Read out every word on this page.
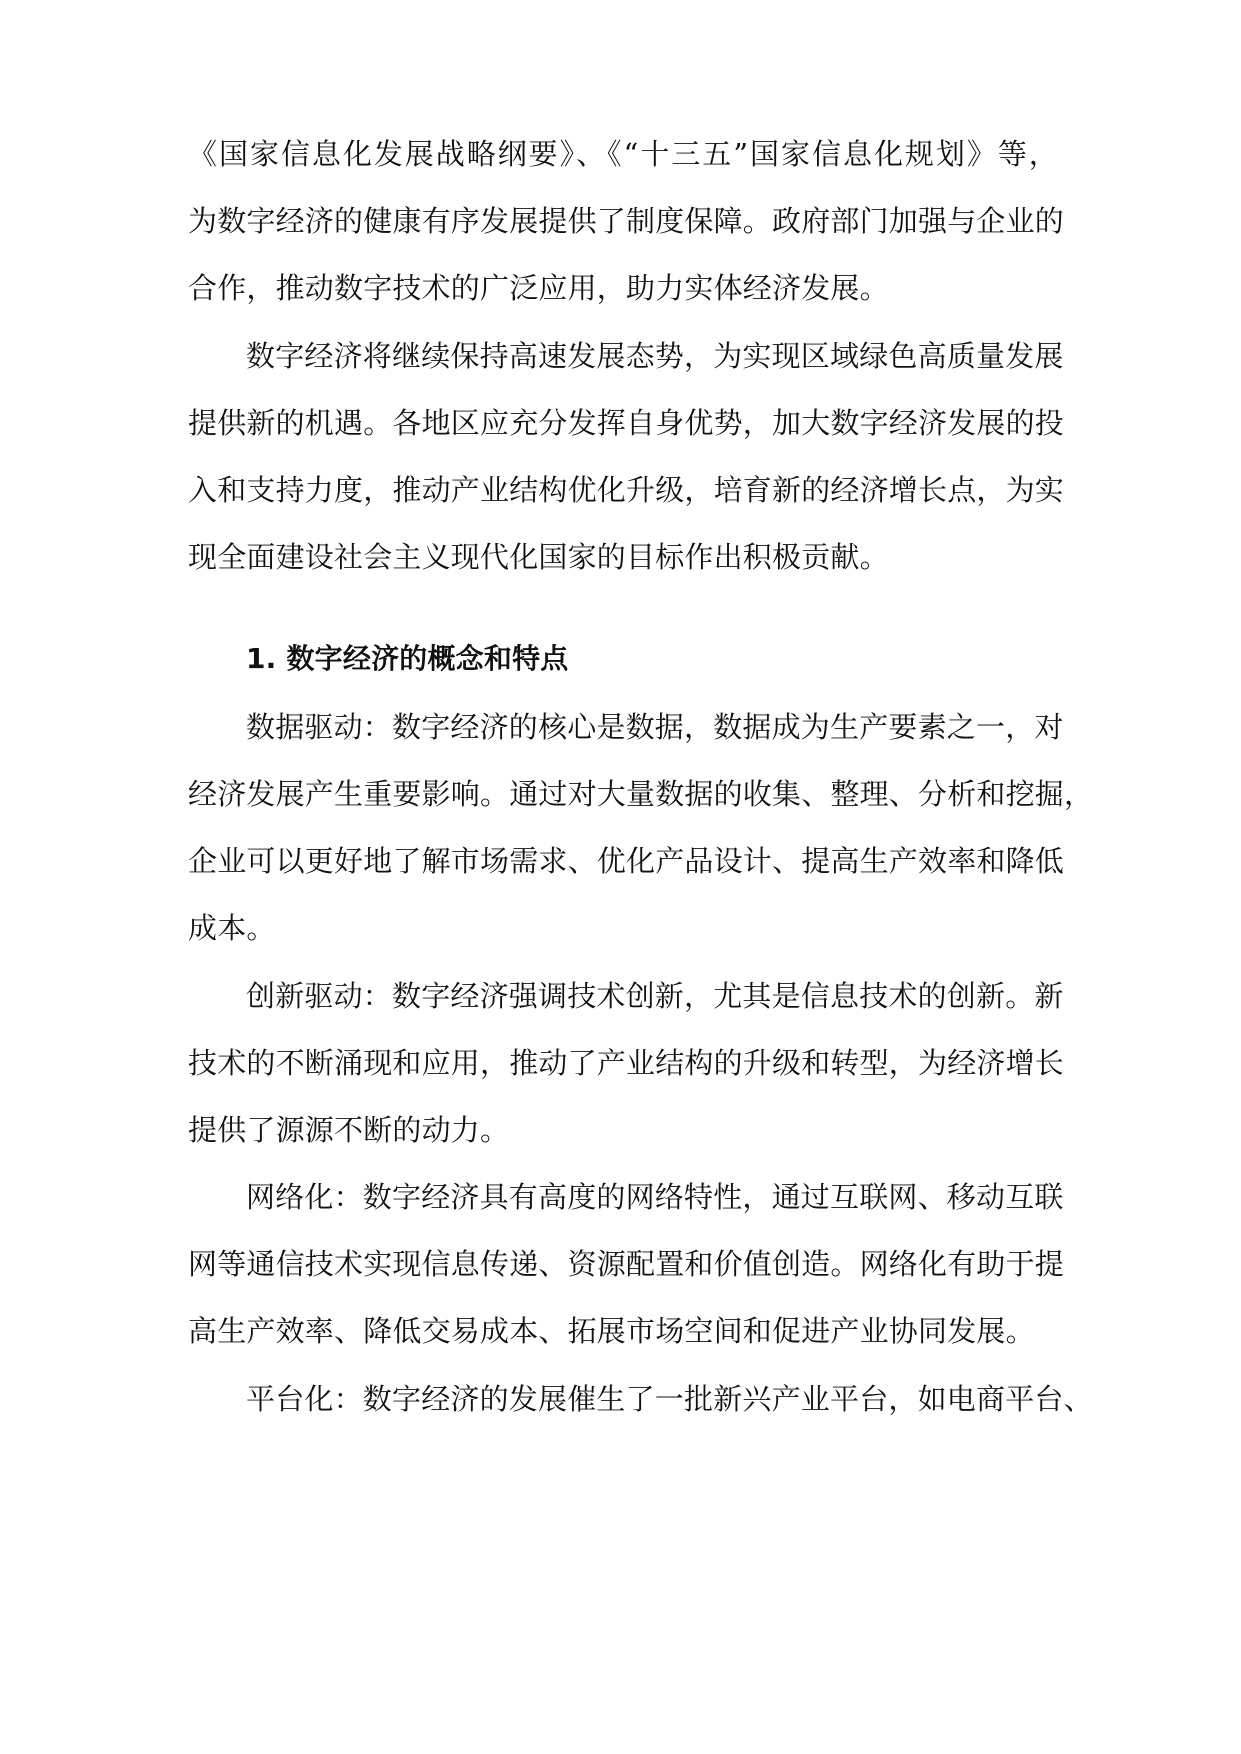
《国家信息化发展战略纲要》、《“十三五”国家信息化规划》等，
为数字经济的健康有序发展提供了制度保障。政府部门加强与企业的
合作，推动数字技术的广泛应用，助力实体经济发展。
数字经济将继续保持高速发展态势，为实现区域绿色高质量发展
提供新的机遇。各地区应充分发挥自身优势，加大数字经济发展的投
入和支持力度，推动产业结构优化升级，培育新的经济增长点，为实
现全面建设社会主义现代化国家的目标作出积极贡献。
1. 数字经济的概念和特点
数据驱动：数字经济的核心是数据，数据成为生产要素之一，对
经济发展产生重要影响。通过对大量数据的收集、整理、分析和挖掘，
企业可以更好地了解市场需求、优化产品设计、提高生产效率和降低
成本。
创新驱动：数字经济强调技术创新，尤其是信息技术的创新。新
技术的不断涌现和应用，推动了产业结构的升级和转型，为经济增长
提供了源源不断的动力。
网络化：数字经济具有高度的网络特性，通过互联网、移动互联
网等通信技术实现信息传递、资源配置和价值创造。网络化有助于提
高生产效率、降低交易成本、拓展市场空间和促进产业协同发展。
平台化：数字经济的发展催生了一批新兴产业平台，如电商平台、
